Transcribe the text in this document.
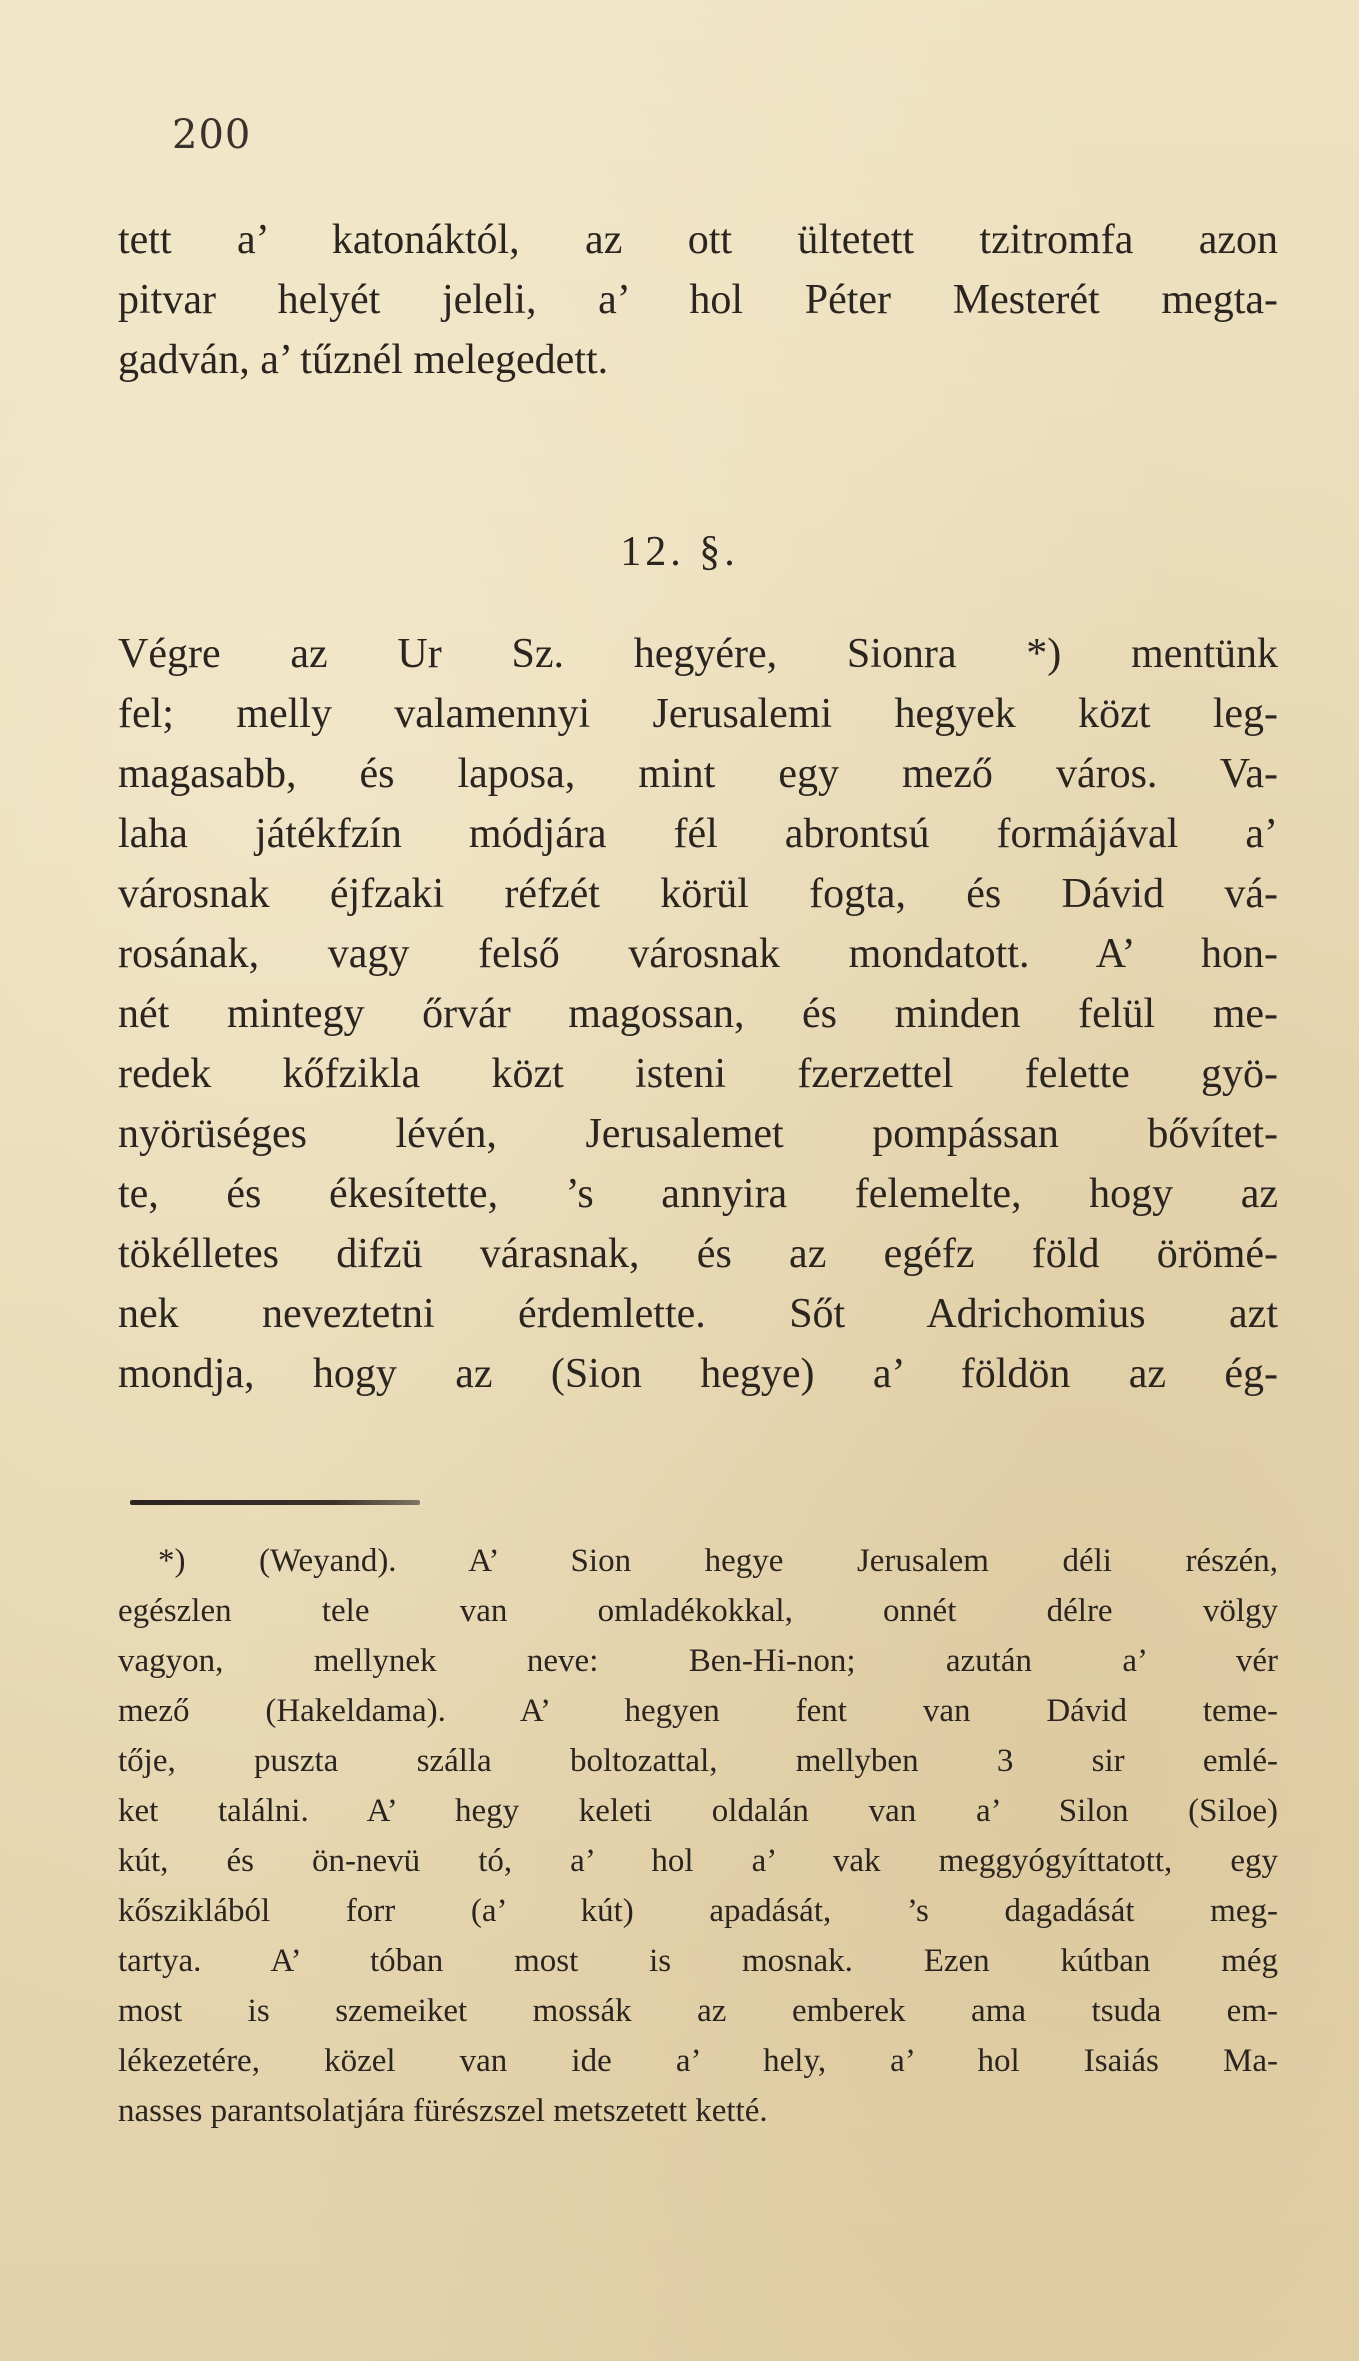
200
tett a’ katonáktól, az ott ültetett tzitromfa azon
pitvar helyét jeleli, a’ hol Péter Mesterét megta-
gadván, a’ tűznél melegedett.
12. §.
Végre az Ur Sz. hegyére, Sionra *) mentünk
fel; melly valamennyi Jerusalemi hegyek közt leg-
magasabb, és laposa, mint egy mező város. Va-
laha játékfzín módjára fél abrontsú formájával a’
városnak éjfzaki réfzét körül fogta, és Dávid vá-
rosának, vagy felső városnak mondatott. A’ hon-
nét mintegy őrvár magossan, és minden felül me-
redek kőfzikla közt isteni fzerzettel felette gyö-
nyörüséges lévén, Jerusalemet pompássan bővítet-
te, és ékesítette, ’s annyira felemelte, hogy az
tökélletes difzü várasnak, és az egéfz föld örömé-
nek neveztetni érdemlette. Sőt Adrichomius azt
mondja, hogy az (Sion hegye) a’ földön az ég-
*) (Weyand). A’ Sion hegye Jerusalem déli részén,
egészlen tele van omladékokkal, onnét délre völgy
vagyon, mellynek neve: Ben-Hi-non; azután a’ vér
mező (Hakeldama). A’ hegyen fent van Dávid teme-
tője, puszta szálla boltozattal, mellyben 3 sir emlé-
ket találni. A’ hegy keleti oldalán van a’ Silon (Siloe)
kút, és ön-nevü tó, a’ hol a’ vak meggyógyíttatott, egy
kősziklából forr (a’ kút) apadását, ’s dagadását meg-
tartya. A’ tóban most is mosnak. Ezen kútban még
most is szemeiket mossák az emberek ama tsuda em-
lékezetére, közel van ide a’ hely, a’ hol Isaiás Ma-
nasses parantsolatjára fürészszel metszetett ketté.
